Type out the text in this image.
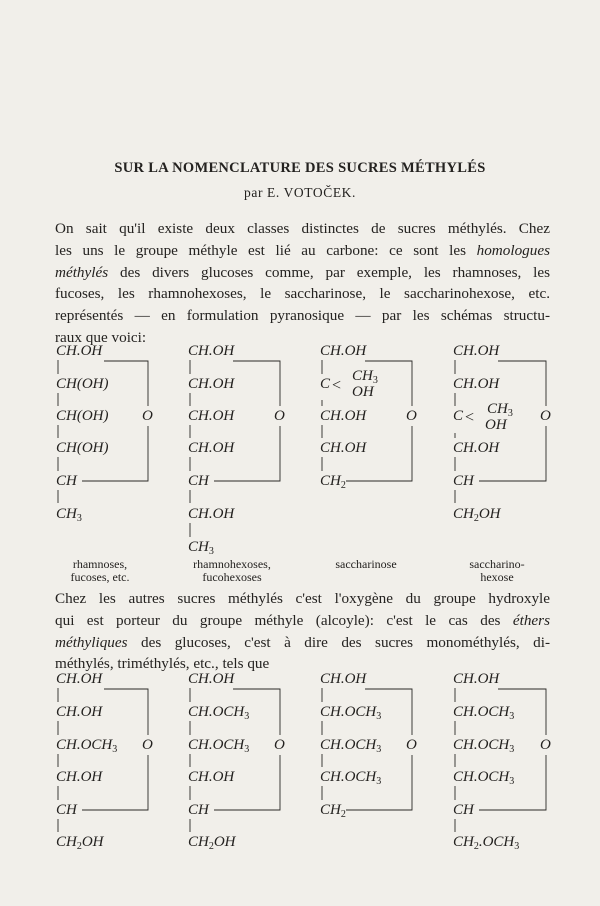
SUR LA NOMENCLATURE DES SUCRES MÉTHYLÉS
par E. VOTOČEK.
On sait qu'il existe deux classes distinctes de sucres méthylés. Chez
les uns le groupe méthyle est lié au carbone: ce sont les homologues
méthylés des divers glucoses comme, par exemple, les rhamnoses, les
fucoses, les rhamnohexoses, le saccharinose, le saccharinohexose, etc.
représentés — en formulation pyranosique — par les schémas structu-
raux que voici:
Chez les autres sucres méthylés c'est l'oxygène du groupe hydroxyle
qui est porteur du groupe méthyle (alcoyle): c'est le cas des éthers
méthyliques des glucoses, c'est à dire des sucres monométhylés, di-
méthylés, triméthylés, etc., tels que
CH.OH
CH(OH)
CH(OH) O
CH(OH)
CH
$CH_3$
CH.OH
CH.OH
CH.OH	O
CH.OH
CH
CH.OH
$CH_3$
CH.OH
C <
$CH_3$
OH
CH.OH	O
CH.OH
$CH_2$
CH.OH
CH.OH
$C < CH_3$
OH
O
CH.OH
CH
$CH_2OH$
rhamnoses,
fucoses, etc.
rhamnohexoses,
fucohexoses
saccharinose	saccharino-
hexose
CH.OH
CH.OH
$CH.OCH_3$ O
CH.OH
CH
$CH_2OH$
CH.OH
$CH.OCH_3$
$CH.OCH_3$ O
CH.OH
CH
$CH_2OH$
CH.OH
$CH.OCH_3$
$CH.OCH_3$ O
$CH.OCH_3$
$CH_2$
CH.OH
$CH.OCH_3$
$CH.OCH_3$ O
$CH.OCH_3$
CH
$CH_2.OCH_3$
